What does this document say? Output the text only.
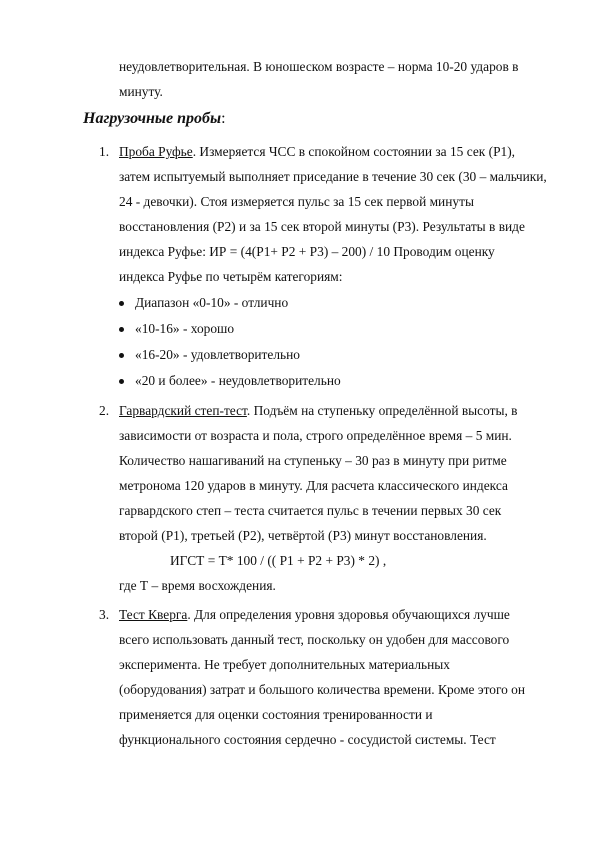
неудовлетворительная. В юношеском возрасте – норма 10-20 ударов в
минуту.
Нагрузочные пробы:
1. Проба Руфье. Измеряется ЧСС в спокойном состоянии за 15 сек (Р1),
затем испытуемый выполняет приседание в течение 30 сек (30 – мальчики,
24 - девочки). Стоя измеряется пульс за 15 сек первой минуты
восстановления (Р2) и за 15 сек второй минуты (Р3). Результаты в виде
индекса Руфье: ИР = (4(Р1+ Р2 + Р3) – 200) / 10 Проводим оценку
индекса Руфье по четырём категориям:
Диапазон «0-10» - отлично
«10-16» - хорошо
«16-20» - удовлетворительно
«20 и более» - неудовлетворительно
2. Гарвардский степ-тест. Подъём на ступеньку определённой высоты, в
зависимости от возраста и пола, строго определённое время – 5 мин.
Количество нашагиваний на ступеньку – 30 раз в минуту при ритме
метронома 120 ударов в минуту. Для расчета классического индекса
гарвардского степ – теста считается пульс в течении первых 30 сек
второй (Р1), третьей (Р2), четвёртой (Р3) минут восстановления.
ИГСТ = Т* 100 / (( Р1 + Р2 + Р3) * 2) ,
где Т – время восхождения.
3. Тест Кверга. Для определения уровня здоровья обучающихся лучше
всего использовать данный тест, поскольку он удобен для массового
эксперимента. Не требует дополнительных материальных
(оборудования) затрат и большого количества времени. Кроме этого он
применяется для оценки состояния тренированности и
функционального состояния сердечно - сосудистой системы. Тест
